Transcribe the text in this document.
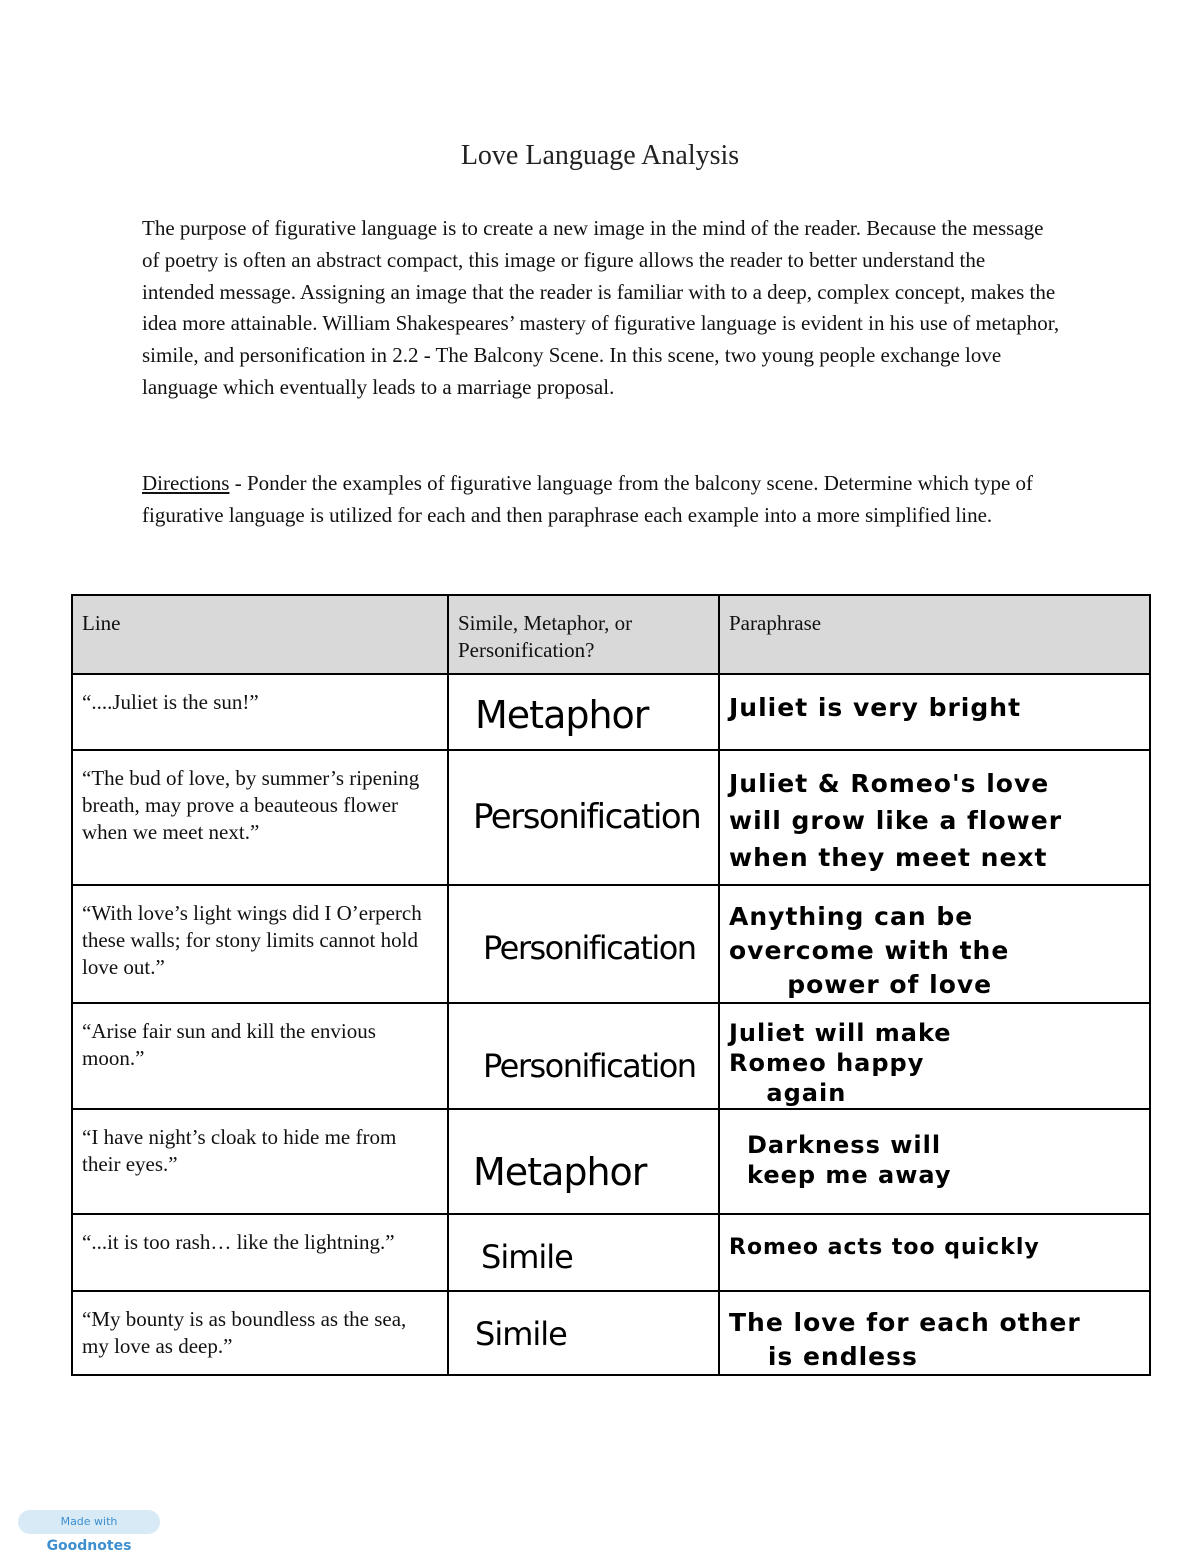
Love Language Analysis

The purpose of figurative language is to create a new image in the mind of the reader. Because the message of poetry is often an abstract compact, this image or figure allows the reader to better understand the intended message. Assigning an image that the reader is familiar with to a deep, complex concept, makes the idea more attainable. William Shakespeares’ mastery of figurative language is evident in his use of metaphor, simile, and personification in 2.2 - The Balcony Scene. In this scene, two young people exchange love language which eventually leads to a marriage proposal.

Directions - Ponder the examples of figurative language from the balcony scene. Determine which type of figurative language is utilized for each and then paraphrase each example into a more simplified line.

Line	Simile, Metaphor, or Personification?	Paraphrase
“....Juliet is the sun!”	Metaphor	Juliet is very bright
“The bud of love, by summer’s ripening breath, may prove a beauteous flower when we meet next.”	Personification	Juliet & Romeo's love
will grow like a flower
when they meet next
“With love’s light wings did I O’erperch these walls; for stony limits cannot hold love out.”	Personification	Anything can be
overcome with the
power of love
“Arise fair sun and kill the envious moon.”	Personification	Juliet will make
Romeo happy
again
“I have night’s cloak to hide me from their eyes.”	Metaphor	Darkness will
keep me away
“...it is too rash… like the lightning.”	Simile	Romeo acts too quickly
“My bounty is as boundless as the sea, my love as deep.”	Simile	The love for each other
is endless
Made with Goodnotes
